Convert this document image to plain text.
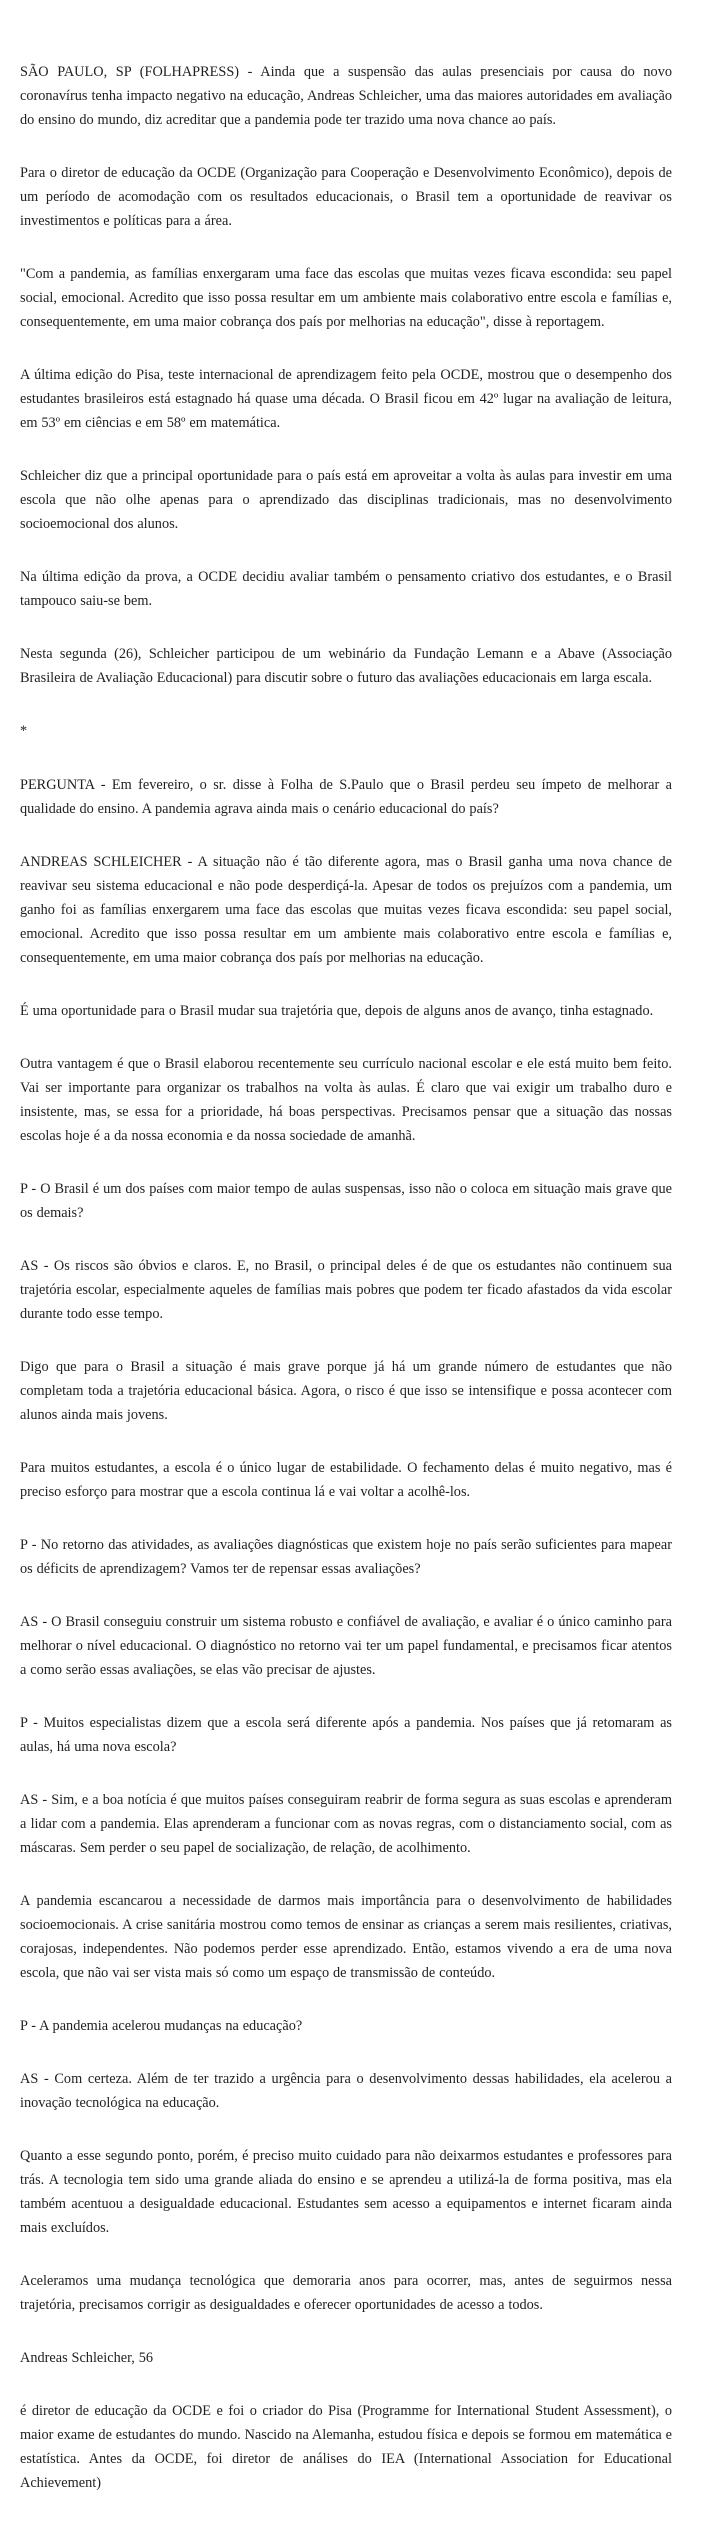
SÃO PAULO, SP (FOLHAPRESS) - Ainda que a suspensão das aulas presenciais por causa do novo coronavírus tenha impacto negativo na educação, Andreas Schleicher, uma das maiores autoridades em avaliação do ensino do mundo, diz acreditar que a pandemia pode ter trazido uma nova chance ao país.

Para o diretor de educação da OCDE (Organização para Cooperação e Desenvolvimento Econômico), depois de um período de acomodação com os resultados educacionais, o Brasil tem a oportunidade de reavivar os investimentos e políticas para a área.

"Com a pandemia, as famílias enxergaram uma face das escolas que muitas vezes ficava escondida: seu papel social, emocional. Acredito que isso possa resultar em um ambiente mais colaborativo entre escola e famílias e, consequentemente, em uma maior cobrança dos país por melhorias na educação", disse à reportagem.

A última edição do Pisa, teste internacional de aprendizagem feito pela OCDE, mostrou que o desempenho dos estudantes brasileiros está estagnado há quase uma década. O Brasil ficou em 42º lugar na avaliação de leitura, em 53º em ciências e em 58º em matemática.

Schleicher diz que a principal oportunidade para o país está em aproveitar a volta às aulas para investir em uma escola que não olhe apenas para o aprendizado das disciplinas tradicionais, mas no desenvolvimento socioemocional dos alunos.

Na última edição da prova, a OCDE decidiu avaliar também o pensamento criativo dos estudantes, e o Brasil tampouco saiu-se bem.

Nesta segunda (26), Schleicher participou de um webinário da Fundação Lemann e a Abave (Associação Brasileira de Avaliação Educacional) para discutir sobre o futuro das avaliações educacionais em larga escala.

*

PERGUNTA - Em fevereiro, o sr. disse à Folha de S.Paulo que o Brasil perdeu seu ímpeto de melhorar a qualidade do ensino. A pandemia agrava ainda mais o cenário educacional do país?

ANDREAS SCHLEICHER - A situação não é tão diferente agora, mas o Brasil ganha uma nova chance de reavivar seu sistema educacional e não pode desperdiçá-la. Apesar de todos os prejuízos com a pandemia, um ganho foi as famílias enxergarem uma face das escolas que muitas vezes ficava escondida: seu papel social, emocional. Acredito que isso possa resultar em um ambiente mais colaborativo entre escola e famílias e, consequentemente, em uma maior cobrança dos país por melhorias na educação.

É uma oportunidade para o Brasil mudar sua trajetória que, depois de alguns anos de avanço, tinha estagnado.

Outra vantagem é que o Brasil elaborou recentemente seu currículo nacional escolar e ele está muito bem feito. Vai ser importante para organizar os trabalhos na volta às aulas. É claro que vai exigir um trabalho duro e insistente, mas, se essa for a prioridade, há boas perspectivas. Precisamos pensar que a situação das nossas escolas hoje é a da nossa economia e da nossa sociedade de amanhã.

P - O Brasil é um dos países com maior tempo de aulas suspensas, isso não o coloca em situação mais grave que os demais?

AS - Os riscos são óbvios e claros. E, no Brasil, o principal deles é de que os estudantes não continuem sua trajetória escolar, especialmente aqueles de famílias mais pobres que podem ter ficado afastados da vida escolar durante todo esse tempo.

Digo que para o Brasil a situação é mais grave porque já há um grande número de estudantes que não completam toda a trajetória educacional básica. Agora, o risco é que isso se intensifique e possa acontecer com alunos ainda mais jovens.

Para muitos estudantes, a escola é o único lugar de estabilidade. O fechamento delas é muito negativo, mas é preciso esforço para mostrar que a escola continua lá e vai voltar a acolhê-los.

P - No retorno das atividades, as avaliações diagnósticas que existem hoje no país serão suficientes para mapear os déficits de aprendizagem? Vamos ter de repensar essas avaliações?

AS - O Brasil conseguiu construir um sistema robusto e confiável de avaliação, e avaliar é o único caminho para melhorar o nível educacional. O diagnóstico no retorno vai ter um papel fundamental, e precisamos ficar atentos a como serão essas avaliações, se elas vão precisar de ajustes.

P - Muitos especialistas dizem que a escola será diferente após a pandemia. Nos países que já retomaram as aulas, há uma nova escola?

AS - Sim, e a boa notícia é que muitos países conseguiram reabrir de forma segura as suas escolas e aprenderam a lidar com a pandemia. Elas aprenderam a funcionar com as novas regras, com o distanciamento social, com as máscaras. Sem perder o seu papel de socialização, de relação, de acolhimento.

A pandemia escancarou a necessidade de darmos mais importância para o desenvolvimento de habilidades socioemocionais. A crise sanitária mostrou como temos de ensinar as crianças a serem mais resilientes, criativas, corajosas, independentes. Não podemos perder esse aprendizado. Então, estamos vivendo a era de uma nova escola, que não vai ser vista mais só como um espaço de transmissão de conteúdo.

P - A pandemia acelerou mudanças na educação?

AS - Com certeza. Além de ter trazido a urgência para o desenvolvimento dessas habilidades, ela acelerou a inovação tecnológica na educação.

Quanto a esse segundo ponto, porém, é preciso muito cuidado para não deixarmos estudantes e professores para trás. A tecnologia tem sido uma grande aliada do ensino e se aprendeu a utilizá-la de forma positiva, mas ela também acentuou a desigualdade educacional. Estudantes sem acesso a equipamentos e internet ficaram ainda mais excluídos.

Aceleramos uma mudança tecnológica que demoraria anos para ocorrer, mas, antes de seguirmos nessa trajetória, precisamos corrigir as desigualdades e oferecer oportunidades de acesso a todos.

Andreas Schleicher, 56

é diretor de educação da OCDE e foi o criador do Pisa (Programme for International Student Assessment), o maior exame de estudantes do mundo. Nascido na Alemanha, estudou física e depois se formou em matemática e estatística. Antes da OCDE, foi diretor de análises do IEA (International Association for Educational Achievement)
